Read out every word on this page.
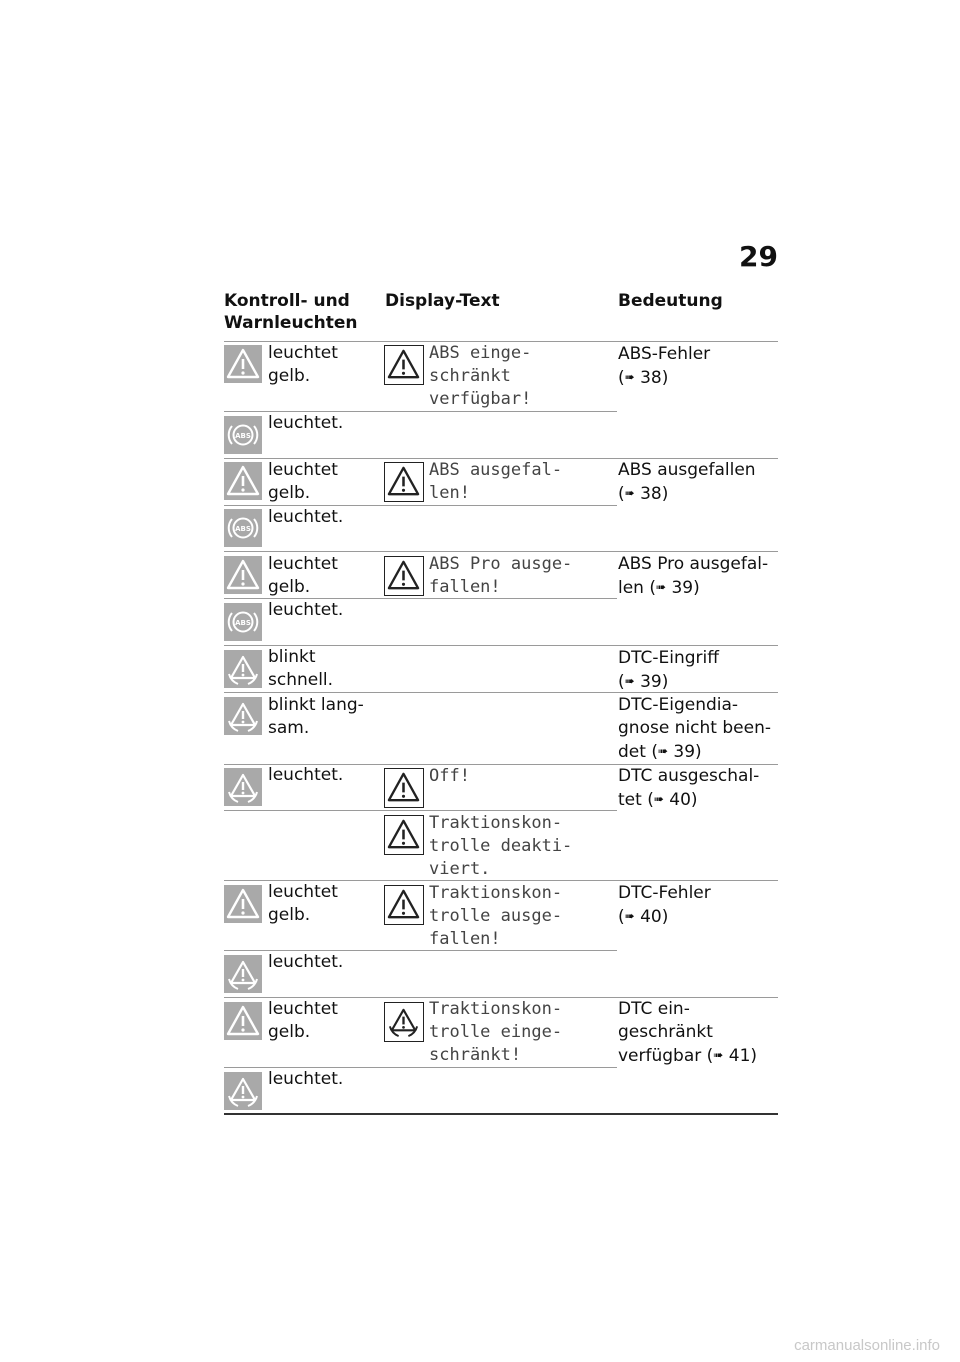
29
Kontroll- und
Warnleuchten
Display-Text	Bedeutung
ABS
ABS
ABS
leuchtet
gelb.
leuchtet.
leuchtet
gelb.
leuchtet.
leuchtet
gelb.
leuchtet.
blinkt
schnell.
blinkt lang-
sam.
leuchtet.
leuchtet
gelb.
leuchtet.
leuchtet
gelb.
leuchtet.
ABS einge-
schränkt
verfügbar!
ABS ausgefal-
len!
ABS Pro ausge-
fallen!
Off!
Traktionskon-
trolle deakti-
viert.
Traktionskon-
trolle ausge-
fallen!
Traktionskon-
trolle einge-
schränkt!
ABS-Fehler
(➠ 38)
ABS ausgefallen
(➠ 38)
ABS Pro ausgefal-
len (➠ 39)
DTC-Eingriff
(➠ 39)
DTC-Eigendia-
gnose nicht been-
det (➠ 39)
DTC ausgeschal-
tet (➠ 40)
DTC-Fehler
(➠ 40)
DTC ein-
geschränkt
verfügbar (➠ 41)
carmanualsonline.info
